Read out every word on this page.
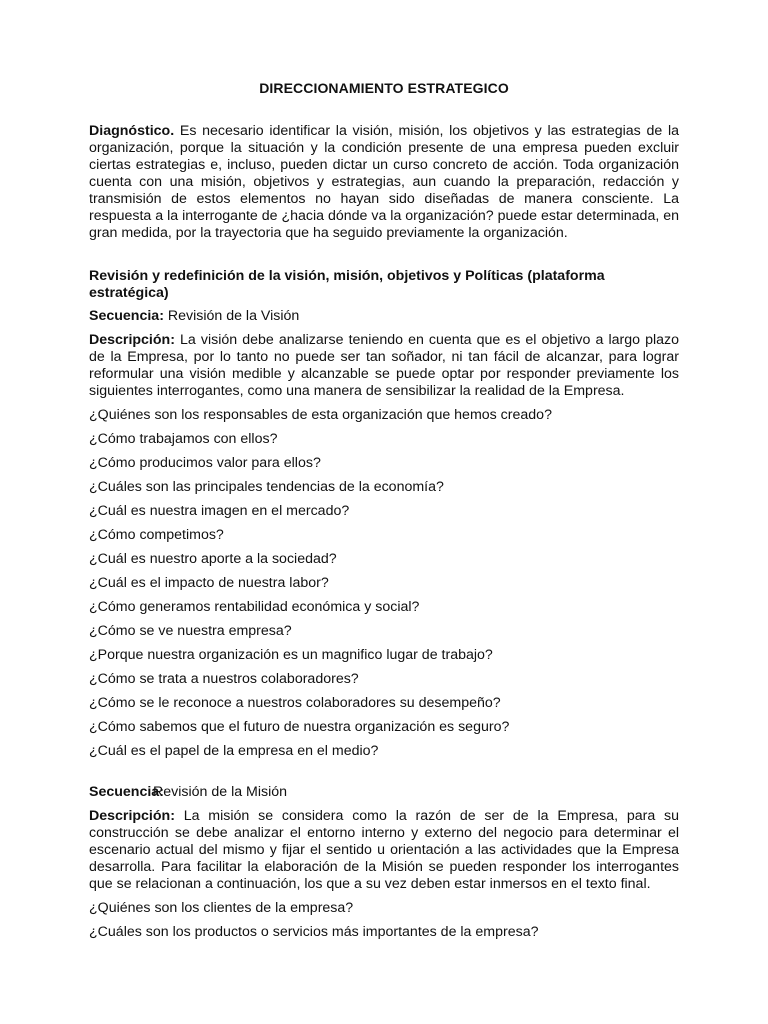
DIRECCIONAMIENTO ESTRATEGICO

Diagnóstico. Es necesario identificar la visión, misión, los objetivos y las estrategias de la organización, porque la situación y la condición presente de una empresa pueden excluir ciertas estrategias e, incluso, pueden dictar un curso concreto de acción. Toda organización cuenta con una misión, objetivos y estrategias, aun cuando la preparación, redacción y transmisión de estos elementos no hayan sido diseñadas de manera consciente. La respuesta a la interrogante de ¿hacia dónde va la organización? puede estar determinada, en gran medida, por la trayectoria que ha seguido previamente la organización.

Revisión y redefinición de la visión, misión, objetivos y Políticas (plataforma estratégica)

Secuencia: Revisión de la Visión

Descripción: La visión debe analizarse teniendo en cuenta que es el objetivo a largo plazo de la Empresa, por lo tanto no puede ser tan soñador, ni tan fácil de alcanzar, para lograr reformular una visión medible y alcanzable se puede optar por responder previamente los siguientes interrogantes, como una manera de sensibilizar la realidad de la Empresa.

¿Quiénes son los responsables de esta organización que hemos creado?
¿Cómo trabajamos con ellos?
¿Cómo producimos valor para ellos?
¿Cuáles son las principales tendencias de la economía?
¿Cuál es nuestra imagen en el mercado?
¿Cómo competimos?
¿Cuál es nuestro aporte a la sociedad?
¿Cuál es el impacto de nuestra labor?
¿Cómo generamos rentabilidad económica y social?
¿Cómo se ve nuestra empresa?
¿Porque nuestra organización es un magnifico lugar de trabajo?
¿Cómo se trata a nuestros colaboradores?
¿Cómo se le reconoce a nuestros colaboradores su desempeño?
¿Cómo sabemos que el futuro de nuestra organización es seguro?
¿Cuál es el papel de la empresa en el medio?

Secuencia:Revisión de la Misión

Descripción: La misión se considera como la razón de ser de la Empresa, para su construcción se debe analizar el entorno interno y externo del negocio para determinar el escenario actual del mismo y fijar el sentido u orientación a las actividades que la Empresa desarrolla. Para facilitar la elaboración de la Misión se pueden responder los interrogantes que se relacionan a continuación, los que a su vez deben estar inmersos en el texto final.

¿Quiénes son los clientes de la empresa?
¿Cuáles son los productos o servicios más importantes de la empresa?
